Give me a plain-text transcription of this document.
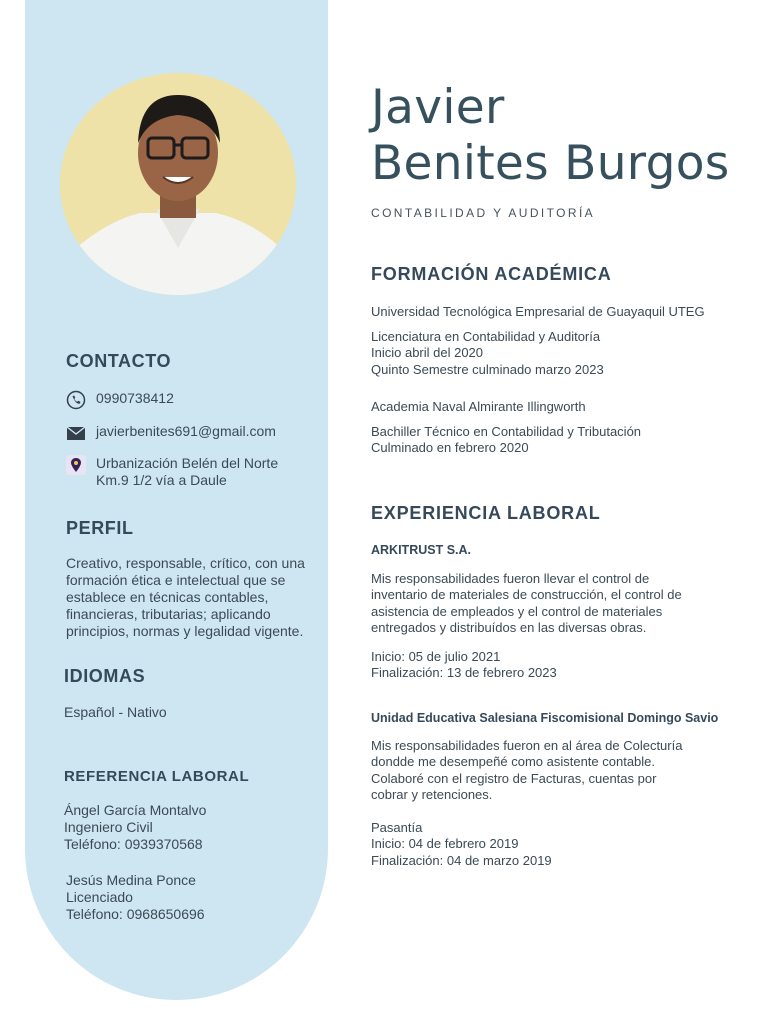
CONTACTO
0990738412
javierbenites691@gmail.com
Urbanización Belén del Norte
Km.9 1/2 vía a Daule
PERFIL
Creativo, responsable, crítico, con una
formación ética e intelectual que se
establece en técnicas contables,
financieras, tributarias; aplicando
principios, normas y legalidad vigente.
IDIOMAS
Español - Nativo
REFERENCIA LABORAL
Ángel García Montalvo
Ingeniero Civil
Teléfono: 0939370568
Jesús Medina Ponce
Licenciado
Teléfono: 0968650696
Javier
Benites Burgos
CONTABILIDAD Y AUDITORÍA
FORMACIÓN ACADÉMICA
Universidad Tecnológica Empresarial de Guayaquil UTEG
Licenciatura en Contabilidad y Auditoría
Inicio abril del 2020
Quinto Semestre culminado marzo 2023
Academia Naval Almirante Illingworth
Bachiller Técnico en Contabilidad y Tributación
Culminado en febrero 2020
EXPERIENCIA LABORAL
ARKITRUST S.A.
Mis responsabilidades fueron llevar el control de
inventario de materiales de construcción, el control de
asistencia de empleados y el control de materiales
entregados y distribuídos en las diversas obras.
Inicio: 05 de julio 2021
Finalización: 13 de febrero 2023
Unidad Educativa Salesiana Fiscomisional Domingo Savio
Mis responsabilidades fueron en al área de Colecturía
dondde me desempeñé como asistente contable.
Colaboré con el registro de Facturas, cuentas por
cobrar y retenciones.
Pasantía
Inicio: 04 de febrero 2019
Finalización: 04 de marzo 2019
